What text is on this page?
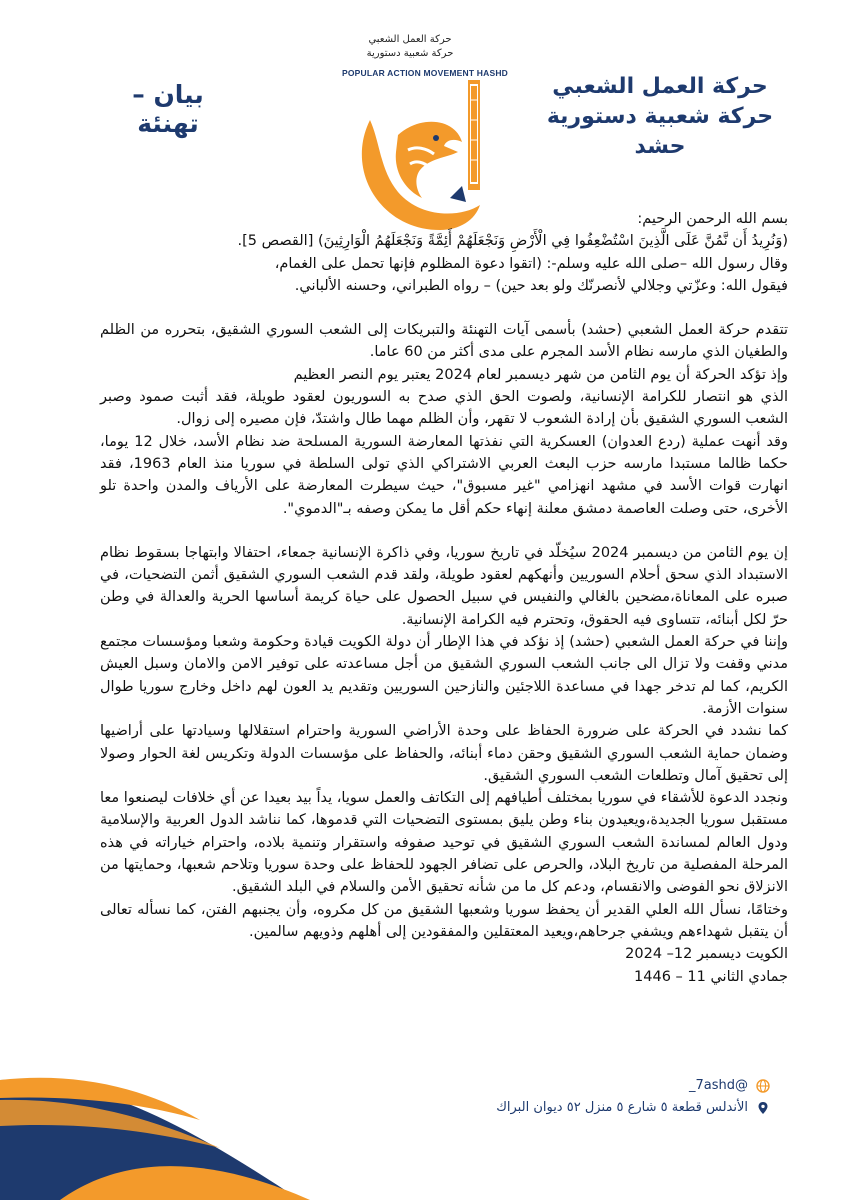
حركة العمل الشعبي
حركة شعبية دستورية
حشد
بيان – تهنئة
حركة العمل الشعبي
حركة شعبية دستورية
POPULAR ACTION MOVEMENT HASHD

بسم الله الرحمن الرحيم:

(وَنُرِيدُ أَن نَّمُنَّ عَلَى الَّذِينَ اسْتُضْعِفُوا فِي الْأَرْضِ وَنَجْعَلَهُمْ أَئِمَّةً وَنَجْعَلَهُمُ الْوَارِثِينَ) [القصص 5].

وقال رسول الله –صلى الله عليه وسلم-: (اتقوا دعوة المظلوم فإنها تحمل على الغمام،

فيقول الله: وعزّتي وجلالي لأنصرنّك ولو بعد حين) – رواه الطبراني، وحسنه الألباني.

تتقدم حركة العمل الشعبي (حشد) بأسمى آيات التهنئة والتبريكات إلى الشعب السوري الشقيق، بتحرره من الظلم والطغيان الذي مارسه نظام الأسد المجرم على مدى أكثر من 60 عاما.

وإذ تؤكد الحركة أن يوم الثامن من شهر ديسمبر لعام 2024 يعتبر يوم النصر العظيم

الذي هو انتصار للكرامة الإنسانية، ولصوت الحق الذي صدح به السوريون لعقود طويلة، فقد أثبت صمود وصبر الشعب السوري الشقيق بأن إرادة الشعوب لا تقهر، وأن الظلم مهما طال واشتدّ، فإن مصيره إلى زوال.

وقد أنهت عملية (ردع العدوان) العسكرية التي نفذتها المعارضة السورية المسلحة ضد نظام الأسد، خلال 12 يوما، حكما ظالما مستبدا مارسه حزب البعث العربي الاشتراكي الذي تولى السلطة في سوريا منذ العام 1963، فقد انهارت قوات الأسد في مشهد انهزامي "غير مسبوق"، حيث سيطرت المعارضة على الأرياف والمدن واحدة تلو الأخرى، حتى وصلت العاصمة دمشق معلنة إنهاء حكم أقل ما يمكن وصفه بـ"الدموي".

إن يوم الثامن من ديسمبر 2024 سيُخلّد في تاريخ سوريا، وفي ذاكرة الإنسانية جمعاء، احتفالا وابتهاجا بسقوط نظام الاستبداد الذي سحق أحلام السوريين وأنهكهم لعقود طويلة، ولقد قدم الشعب السوري الشقيق أثمن التضحيات، في صبره على المعاناة،مضحين بالغالي والنفيس في سبيل الحصول على حياة كريمة أساسها الحرية والعدالة في وطن حرّ لكل أبنائه، تتساوى فيه الحقوق، وتحترم فيه الكرامة الإنسانية.

وإننا في حركة العمل الشعبي (حشد) إذ نؤكد في هذا الإطار أن دولة الكويت قيادة وحكومة وشعبا ومؤسسات مجتمع مدني وقفت ولا تزال الى جانب الشعب السوري الشقيق من أجل مساعدته على توفير الامن والامان وسبل العيش الكريم، كما لم تدخر جهدا في مساعدة اللاجئين والنازحين السوريين وتقديم يد العون لهم داخل وخارج سوريا طوال سنوات الأزمة.

كما نشدد في الحركة على ضرورة الحفاظ على وحدة الأراضي السورية واحترام استقلالها وسيادتها على أراضيها وضمان حماية الشعب السوري الشقيق وحقن دماء أبنائه، والحفاظ على مؤسسات الدولة وتكريس لغة الحوار وصولا إلى تحقيق آمال وتطلعات الشعب السوري الشقيق.

ونجدد الدعوة للأشقاء في سوريا بمختلف أطيافهم إلى التكاتف والعمل سويا، يداً بيد بعيدا عن أي خلافات ليصنعوا معا مستقبل سوريا الجديدة،ويعيدون بناء وطن يليق بمستوى التضحيات التي قدموها، كما نناشد الدول العربية والإسلامية ودول العالم لمساندة الشعب السوري الشقيق في توحيد صفوفه واستقرار وتنمية بلاده، واحترام خياراته في هذه المرحلة المفصلية من تاريخ البلاد، والحرص على تضافر الجهود للحفاظ على وحدة سوريا وتلاحم شعبها، وحمايتها من الانزلاق نحو الفوضى والانقسام، ودعم كل ما من شأنه تحقيق الأمن والسلام في البلد الشقيق.

وختامًا، نسأل الله العلي القدير أن يحفظ سوريا وشعبها الشقيق من كل مكروه، وأن يجنبهم الفتن، كما نسأله تعالى أن يتقبل شهداءهم ويشفي جرحاهم،ويعيد المعتقلين والمفقودين إلى أهلهم وذويهم سالمين.

الكويت ديسمبر 12– 2024

جمادي الثاني 11 – 1446

@7ashd_
الأندلس قطعة ٥ شارع ٥ منزل ٥٢ ديوان البراك
